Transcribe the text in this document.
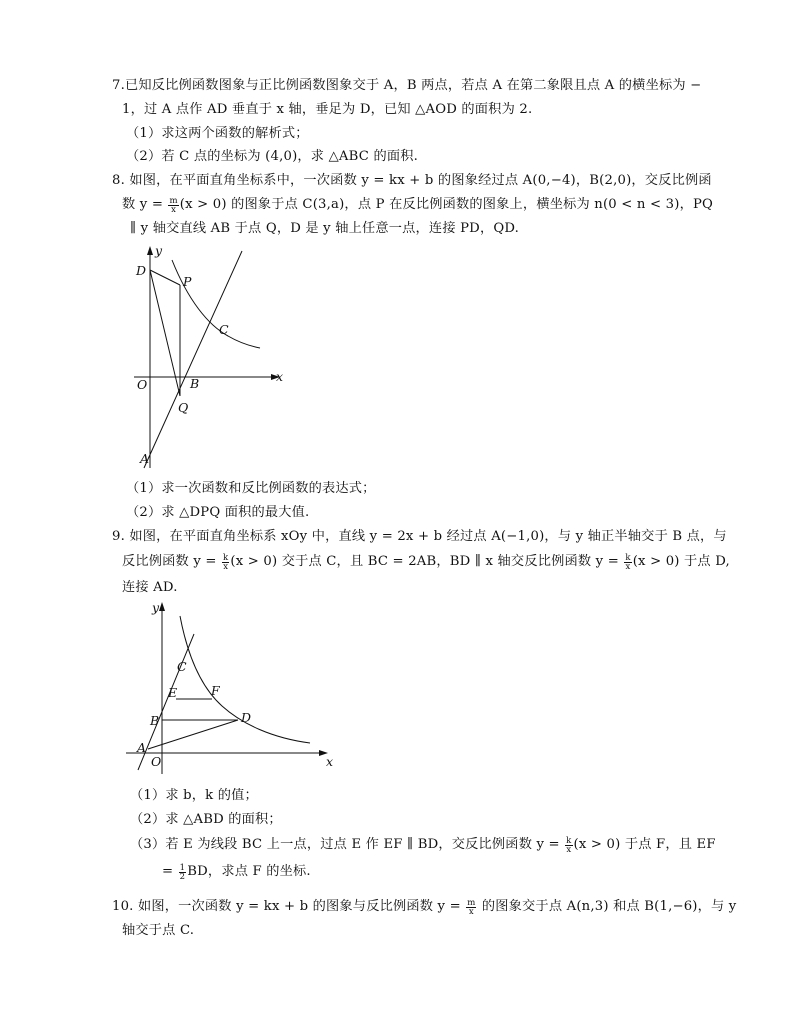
7.已知反比例函数图象与正比例函数图象交于 A，B 两点，若点 A 在第二象限且点 A 的横坐标为 −
1，过 A 点作 AD 垂直于 x 轴，垂足为 D，已知 △AOD 的面积为 2.
（1）求这两个函数的解析式；
（2）若 C 点的坐标为 (4,0)，求 △ABC 的面积.
8. 如图，在平面直角坐标系中，一次函数 y = kx + b 的图象经过点 A(0,−4)，B(2,0)，交反比例函
数 $y = \frac{m}{x} (x > 0)$ 的图象于点 C(3,a)，点 P 在反比例函数的图象上，横坐标为 n(0 < n < 3)，PQ
∥ y 轴交直线 AB 于点 Q，D 是 y 轴上任意一点，连接 PD，QD.
y
x
D
P
C
O	B
Q
A
（1）求一次函数和反比例函数的表达式；
（2）求 △DPQ 面积的最大值.
9. 如图，在平面直角坐标系 xOy 中，直线 y = 2x + b 经过点 A(−1,0)，与 y 轴正半轴交于 B 点，与
反比例函数 $y = \frac{k}{x} (x > 0)$ 交于点 C，且 BC = 2AB，BD ∥ x 轴交反比例函数 $y = \frac{k}{x} (x > 0)$ 于点 D,
连接 AD.
y
x
C
E	F
B	D
A
O
（1）求 b，k 的值；
（2）求 △ABD 的面积；
（3）若 E 为线段 BC 上一点，过点 E 作 EF ∥ BD，交反比例函数 $y = \frac{k}{x} (x > 0)$ 于点 F，且 EF
= $\frac{1}{2}$ BD，求点 F 的坐标.
10. 如图，一次函数 y = kx + b 的图象与反比例函数 $y = \frac{m}{x}$ 的图象交于点 A(n,3) 和点 B(1,−6)，与 y
轴交于点 C.
